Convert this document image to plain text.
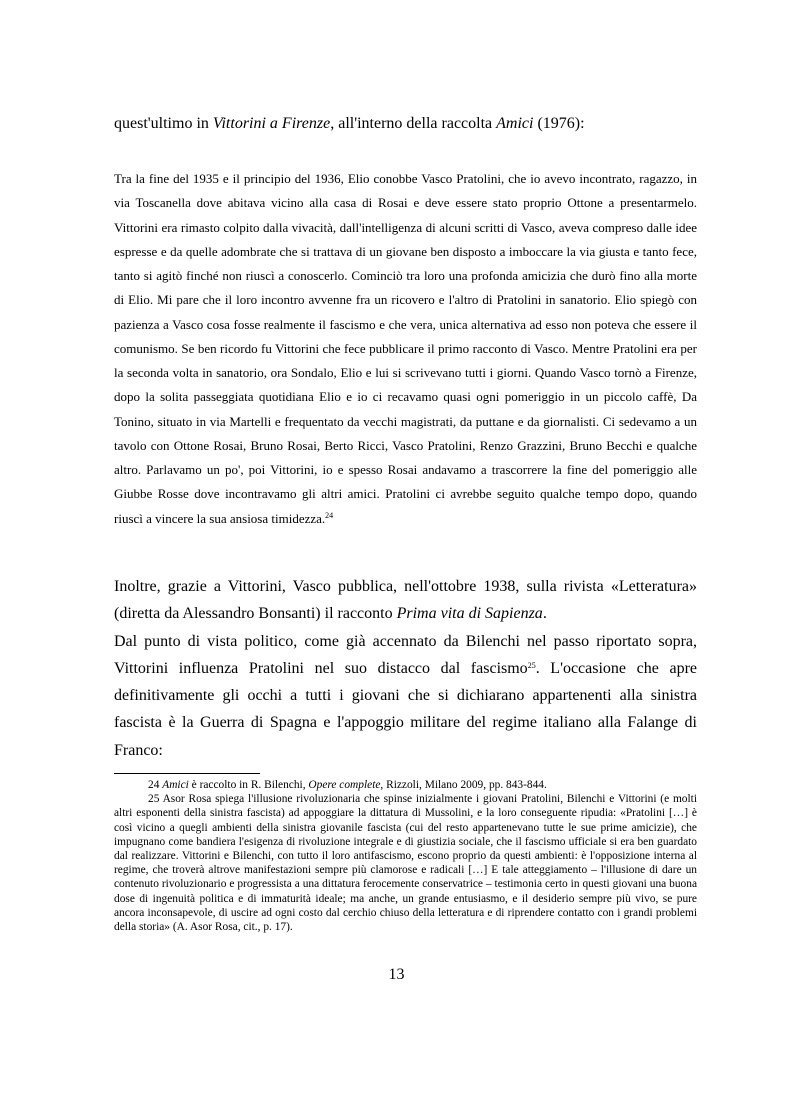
quest'ultimo in Vittorini a Firenze, all'interno della raccolta Amici (1976):
Tra la fine del 1935 e il principio del 1936, Elio conobbe Vasco Pratolini, che io avevo incontrato, ragazzo, in via Toscanella dove abitava vicino alla casa di Rosai e deve essere stato proprio Ottone a presentarmelo. Vittorini era rimasto colpito dalla vivacità, dall'intelligenza di alcuni scritti di Vasco, aveva compreso dalle idee espresse e da quelle adombrate che si trattava di un giovane ben disposto a imboccare la via giusta e tanto fece, tanto si agitò finché non riuscì a conoscerlo. Cominciò tra loro una profonda amicizia che durò fino alla morte di Elio. Mi pare che il loro incontro avvenne fra un ricovero e l'altro di Pratolini in sanatorio. Elio spiegò con pazienza a Vasco cosa fosse realmente il fascismo e che vera, unica alternativa ad esso non poteva che essere il comunismo. Se ben ricordo fu Vittorini che fece pubblicare il primo racconto di Vasco. Mentre Pratolini era per la seconda volta in sanatorio, ora Sondalo, Elio e lui si scrivevano tutti i giorni. Quando Vasco tornò a Firenze, dopo la solita passeggiata quotidiana Elio e io ci recavamo quasi ogni pomeriggio in un piccolo caffè, Da Tonino, situato in via Martelli e frequentato da vecchi magistrati, da puttane e da giornalisti. Ci sedevamo a un tavolo con Ottone Rosai, Bruno Rosai, Berto Ricci, Vasco Pratolini, Renzo Grazzini, Bruno Becchi e qualche altro. Parlavamo un po', poi Vittorini, io e spesso Rosai andavamo a trascorrere la fine del pomeriggio alle Giubbe Rosse dove incontravamo gli altri amici. Pratolini ci avrebbe seguito qualche tempo dopo, quando riuscì a vincere la sua ansiosa timidezza.$^{24}$

Inoltre, grazie a Vittorini, Vasco pubblica, nell'ottobre 1938, sulla rivista «Letteratura» (diretta da Alessandro Bonsanti) il racconto Prima vita di Sapienza.

Dal punto di vista politico, come già accennato da Bilenchi nel passo riportato sopra, Vittorini influenza Pratolini nel suo distacco dal fascismo$^{25}$. L'occasione che apre definitivamente gli occhi a tutti i giovani che si dichiarano appartenenti alla sinistra fascista è la Guerra di Spagna e l'appoggio militare del regime italiano alla Falange di Franco:

24 Amici è raccolto in R. Bilenchi, Opere complete, Rizzoli, Milano 2009, pp. 843-844.

25 Asor Rosa spiega l'illusione rivoluzionaria che spinse inizialmente i giovani Pratolini, Bilenchi e Vittorini (e molti altri esponenti della sinistra fascista) ad appoggiare la dittatura di Mussolini, e la loro conseguente ripudia: «Pratolini […] è così vicino a quegli ambienti della sinistra giovanile fascista (cui del resto appartenevano tutte le sue prime amicizie), che impugnano come bandiera l'esigenza di rivoluzione integrale e di giustizia sociale, che il fascismo ufficiale si era ben guardato dal realizzare. Vittorini e Bilenchi, con tutto il loro antifascismo, escono proprio da questi ambienti: è l'opposizione interna al regime, che troverà altrove manifestazioni sempre più clamorose e radicali […] E tale atteggiamento – l'illusione di dare un contenuto rivoluzionario e progressista a una dittatura ferocemente conservatrice – testimonia certo in questi giovani una buona dose di ingenuità politica e di immaturità ideale; ma anche, un grande entusiasmo, e il desiderio sempre più vivo, se pure ancora inconsapevole, di uscire ad ogni costo dal cerchio chiuso della letteratura e di riprendere contatto con i grandi problemi della storia» (A. Asor Rosa, cit., p. 17).

13
